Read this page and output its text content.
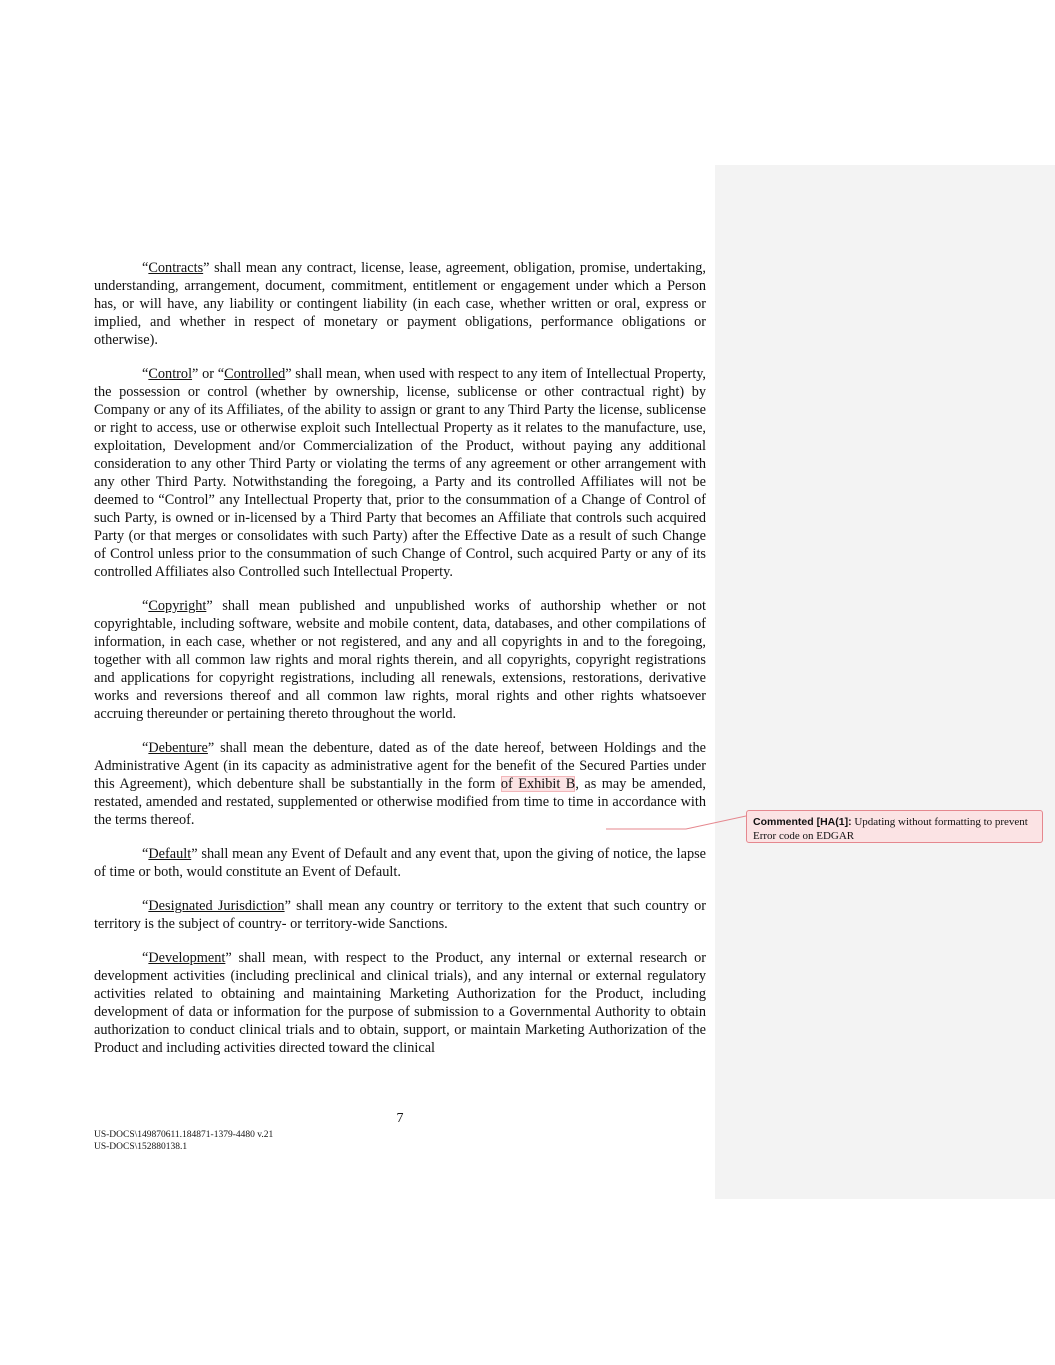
“Contracts” shall mean any contract, license, lease, agreement, obligation, promise, undertaking, understanding, arrangement, document, commitment, entitlement or engagement under which a Person has, or will have, any liability or contingent liability (in each case, whether written or oral, express or implied, and whether in respect of monetary or payment obligations, performance obligations or otherwise).

“Control” or “Controlled” shall mean, when used with respect to any item of Intellectual Property, the possession or control (whether by ownership, license, sublicense or other contractual right) by Company or any of its Affiliates, of the ability to assign or grant to any Third Party the license, sublicense or right to access, use or otherwise exploit such Intellectual Property as it relates to the manufacture, use, exploitation, Development and/or Commercialization of the Product, without paying any additional consideration to any other Third Party or violating the terms of any agreement or other arrangement with any other Third Party. Notwithstanding the foregoing, a Party and its controlled Affiliates will not be deemed to “Control” any Intellectual Property that, prior to the consummation of a Change of Control of such Party, is owned or in-licensed by a Third Party that becomes an Affiliate that controls such acquired Party (or that merges or consolidates with such Party) after the Effective Date as a result of such Change of Control unless prior to the consummation of such Change of Control, such acquired Party or any of its controlled Affiliates also Controlled such Intellectual Property.

“Copyright” shall mean published and unpublished works of authorship whether or not copyrightable, including software, website and mobile content, data, databases, and other compilations of information, in each case, whether or not registered, and any and all copyrights in and to the foregoing, together with all common law rights and moral rights therein, and all copyrights, copyright registrations and applications for copyright registrations, including all renewals, extensions, restorations, derivative works and reversions thereof and all common law rights, moral rights and other rights whatsoever accruing thereunder or pertaining thereto throughout the world.

“Debenture” shall mean the debenture, dated as of the date hereof, between Holdings and the Administrative Agent (in its capacity as administrative agent for the benefit of the Secured Parties under this Agreement), which debenture shall be substantially in the form of Exhibit B, as may be amended, restated, amended and restated, supplemented or otherwise modified from time to time in accordance with the terms thereof.

“Default” shall mean any Event of Default and any event that, upon the giving of notice, the lapse of time or both, would constitute an Event of Default.

“Designated Jurisdiction” shall mean any country or territory to the extent that such country or territory is the subject of country- or territory-wide Sanctions.

“Development” shall mean, with respect to the Product, any internal or external research or development activities (including preclinical and clinical trials), and any internal or external regulatory activities related to obtaining and maintaining Marketing Authorization for the Product, including development of data or information for the purpose of submission to a Governmental Authority to obtain authorization to conduct clinical trials and to obtain, support, or maintain Marketing Authorization of the Product and including activities directed toward the clinical

7
US-DOCS\149870611.184871-1379-4480 v.21
US-DOCS\152880138.1
Commented [HA(1]: Updating without formatting to prevent Error code on EDGAR
